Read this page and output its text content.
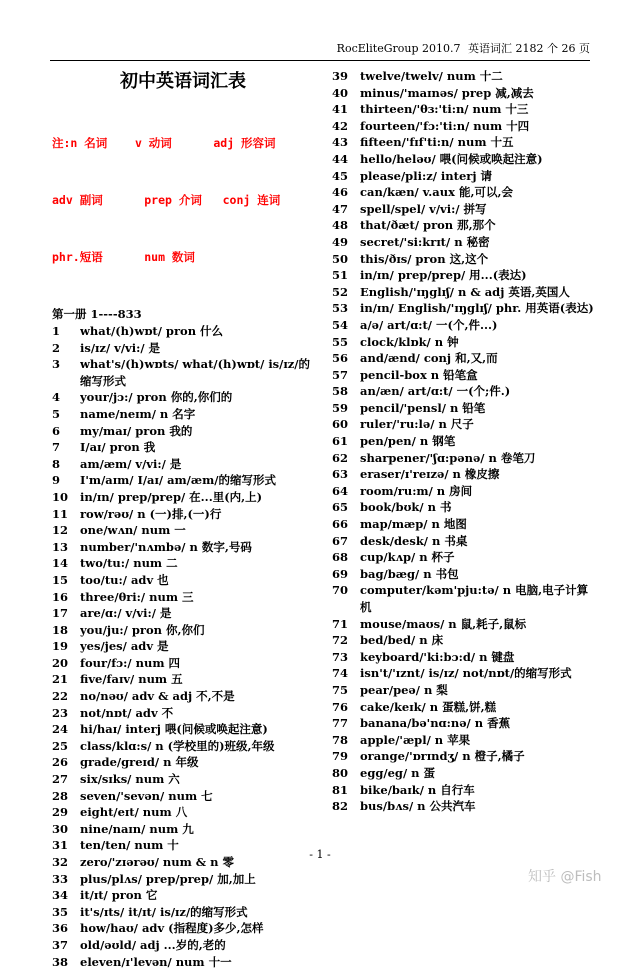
RocEliteGroup 2010.7 英语词汇 2182 个 26 页
初中英语词汇表

注:n 名词    v 动词      adj 形容词

adv 副词      prep 介词   conj 连词

phr.短语      num 数词

第一册 1----833
1	what/(h)wɒt/ pron 什么
2	is/ɪz/ v/vi:/ 是
3	what's/(h)wɒts/ what/(h)wɒt/ is/ɪz/的缩写形式
4	your/jɔ:/ pron 你的,你们的
5	name/neɪm/ n 名字
6	my/maɪ/ pron 我的
7	I/aɪ/ pron 我
8	am/æm/ v/vi:/ 是
9	I'm/aɪm/ I/aɪ/ am/æm/的缩写形式
10	in/ɪn/ prep/prep/ 在...里(内,上)
11	row/rəʊ/ n (一)排,(一)行
12	one/wʌn/ num 一
13	number/'nʌmbə/ n 数字,号码
14	two/tu:/ num 二
15	too/tu:/ adv 也
16	three/θri:/ num 三
17	are/ɑ:/ v/vi:/ 是
18	you/ju:/ pron 你,你们
19	yes/jes/ adv 是
20	four/fɔ:/ num 四
21	five/faɪv/ num 五
22	no/nəʊ/ adv & adj 不,不是
23	not/nɒt/ adv 不
24	hi/haɪ/ interj 喂(问候或唤起注意)
25	class/klɑ:s/ n (学校里的)班级,年级
26	grade/greɪd/ n 年级
27	six/sɪks/ num 六
28	seven/'sevən/ num 七
29	eight/eɪt/ num 八
30	nine/naɪn/ num 九
31	ten/ten/ num 十
32	zero/'zɪərəʊ/ num & n 零
33	plus/plʌs/ prep/prep/ 加,加上
34	it/ɪt/ pron 它
35	it's/ɪts/ it/ɪt/ is/ɪz/的缩写形式
36	how/haʊ/ adv (指程度)多少,怎样
37	old/əʊld/ adj ...岁的,老的
38	eleven/ɪ'levən/ num 十一
39	twelve/twelv/ num 十二
40	minus/'maɪnəs/ prep 减,减去
41	thirteen/'θɜ:'ti:n/ num 十三
42	fourteen/'fɔ:'ti:n/ num 十四
43	fifteen/'fɪf'ti:n/ num 十五
44	hello/heləʊ/ 喂(问候或唤起注意)
45	please/pli:z/ interj 请
46	can/kæn/ v.aux 能,可以,会
47	spell/spel/ v/vi:/ 拼写
48	that/ðæt/ pron 那,那个
49	secret/'si:krɪt/ n 秘密
50	this/ðɪs/ pron 这,这个
51	in/ɪn/ prep/prep/ 用...(表达)
52	English/'ɪŋglɪʃ/ n & adj 英语,英国人
53	in/ɪn/ English/'ɪŋglɪʃ/ phr. 用英语(表达)
54	a/ə/ art/ɑ:t/ 一(个,件...)
55	clock/klɒk/ n 钟
56	and/ænd/ conj 和,又,而
57	pencil-box n 铅笔盒
58	an/æn/ art/ɑ:t/ 一(个;件.)
59	pencil/'pensl/ n 铅笔
60	ruler/'ru:lə/ n 尺子
61	pen/pen/ n 钢笔
62	sharpener/'ʃɑ:pənə/ n 卷笔刀
63	eraser/ɪ'reɪzə/ n 橡皮擦
64	room/ru:m/ n 房间
65	book/bʊk/ n 书
66	map/mæp/ n 地图
67	desk/desk/ n 书桌
68	cup/kʌp/ n 杯子
69	bag/bæg/ n 书包
70	computer/kəm'pju:tə/ n 电脑,电子计算机
71	mouse/maʊs/ n 鼠,耗子,鼠标
72	bed/bed/ n 床
73	keyboard/'ki:bɔ:d/ n 键盘
74	isn't/'ɪznt/ is/ɪz/ not/nɒt/的缩写形式
75	pear/peə/ n 梨
76	cake/keɪk/ n 蛋糕,饼,糕
77	banana/bə'nɑ:nə/ n 香蕉
78	apple/'æpl/ n 苹果
79	orange/'ɒrɪndʒ/ n 橙子,橘子
80	egg/eg/ n 蛋
81	bike/baɪk/ n 自行车
82	bus/bʌs/ n 公共汽车
- 1 -
知乎 @Fish
